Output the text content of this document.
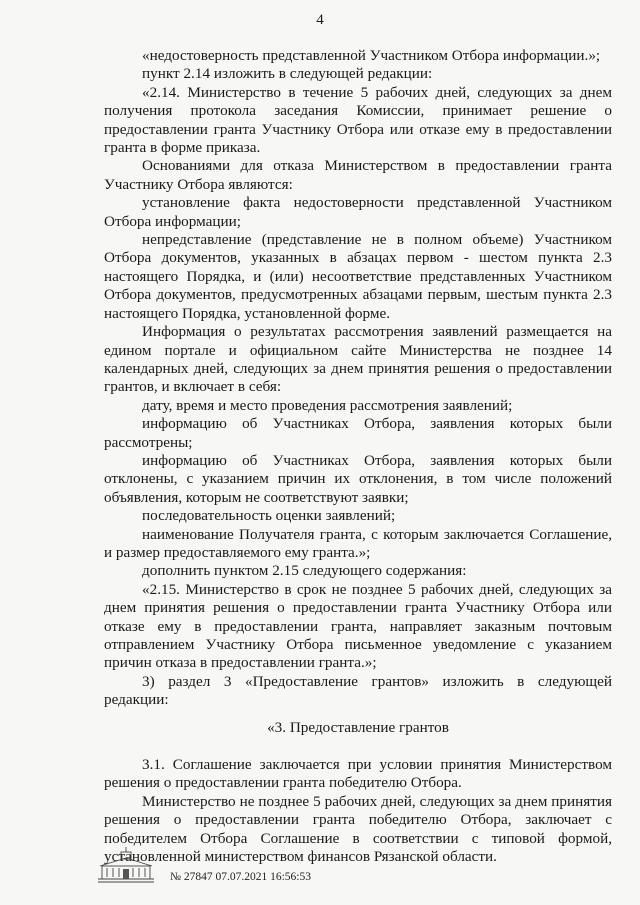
4

«недостоверность представленной Участником Отбора информации.»;

пункт 2.14 изложить в следующей редакции:

«2.14. Министерство в течение 5 рабочих дней, следующих за днем получения протокола заседания Комиссии, принимает решение о предоставлении гранта Участнику Отбора или отказе ему в предоставлении гранта в форме приказа.

Основаниями для отказа Министерством в предоставлении гранта Участнику Отбора являются:

установление факта недостоверности представленной Участником Отбора информации;

непредставление (представление не в полном объеме) Участником Отбора документов, указанных в абзацах первом - шестом пункта 2.3 настоящего Порядка, и (или) несоответствие представленных Участником Отбора документов, предусмотренных абзацами первым, шестым пункта 2.3 настоящего Порядка, установленной форме.

Информация о результатах рассмотрения заявлений размещается на едином портале и официальном сайте Министерства не позднее 14 календарных дней, следующих за днем принятия решения о предоставлении грантов, и включает в себя:

дату, время и место проведения рассмотрения заявлений;

информацию об Участниках Отбора, заявления которых были рассмотрены;

информацию об Участниках Отбора, заявления которых были отклонены, с указанием причин их отклонения, в том числе положений объявления, которым не соответствуют заявки;

последовательность оценки заявлений;

наименование Получателя гранта, с которым заключается Соглашение, и размер предоставляемого ему гранта.»;

дополнить пунктом 2.15 следующего содержания:

«2.15. Министерство в срок не позднее 5 рабочих дней, следующих за днем принятия решения о предоставлении гранта Участнику Отбора или отказе ему в предоставлении гранта, направляет заказным почтовым отправлением Участнику Отбора письменное уведомление с указанием причин отказа в предоставлении гранта.»;

3) раздел 3 «Предоставление грантов» изложить в следующей редакции:

«3. Предоставление грантов

3.1. Соглашение заключается при условии принятия Министерством решения о предоставлении гранта победителю Отбора.

Министерство не позднее 5 рабочих дней, следующих за днем принятия решения о предоставлении гранта победителю Отбора, заключает с победителем Отбора Соглашение в соответствии с типовой формой, установленной министерством финансов Рязанской области.

№ 27847 07.07.2021 16:56:53
